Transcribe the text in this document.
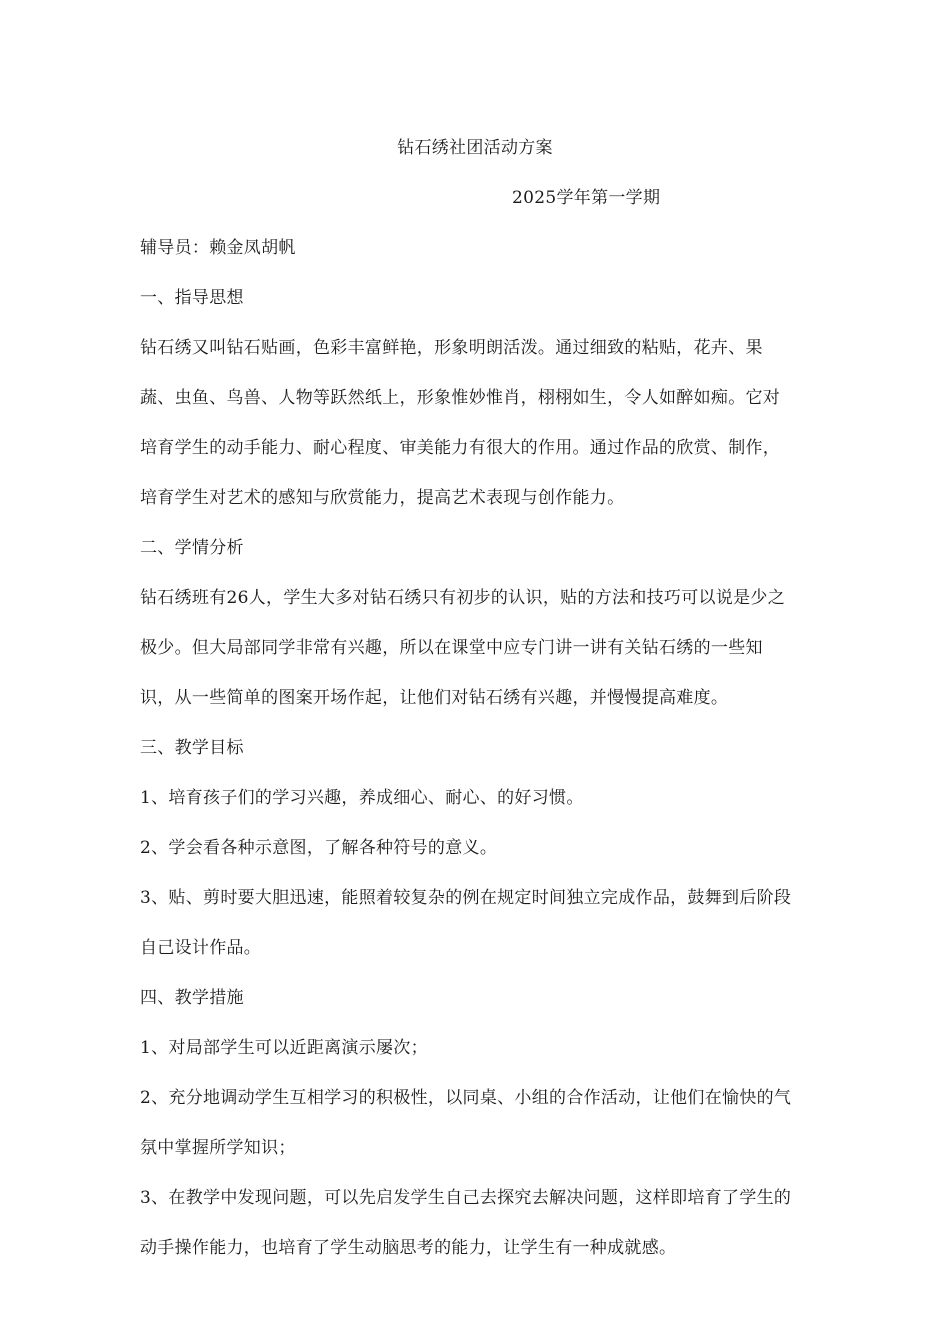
钻石绣社团活动方案
2025学年第一学期
辅导员：赖金凤胡帆
一、指导思想
钻石绣又叫钻石贴画，色彩丰富鲜艳，形象明朗活泼。通过细致的粘贴，花卉、果
蔬、虫鱼、鸟兽、人物等跃然纸上，形象惟妙惟肖，栩栩如生，令人如醉如痴。它对
培育学生的动手能力、耐心程度、审美能力有很大的作用。通过作品的欣赏、制作，
培育学生对艺术的感知与欣赏能力，提高艺术表现与创作能力。
二、学情分析
钻石绣班有26人，学生大多对钻石绣只有初步的认识，贴的方法和技巧可以说是少之
极少。但大局部同学非常有兴趣，所以在课堂中应专门讲一讲有关钻石绣的一些知
识，从一些简单的图案开场作起，让他们对钻石绣有兴趣，并慢慢提高难度。
三、教学目标
1、培育孩子们的学习兴趣，养成细心、耐心、的好习惯。
2、学会看各种示意图，了解各种符号的意义。
3、贴、剪时要大胆迅速，能照着较复杂的例在规定时间独立完成作品，鼓舞到后阶段
自己设计作品。
四、教学措施
1、对局部学生可以近距离演示屡次；
2、充分地调动学生互相学习的积极性，以同桌、小组的合作活动，让他们在愉快的气
氛中掌握所学知识；
3、在教学中发现问题，可以先启发学生自己去探究去解决问题，这样即培育了学生的
动手操作能力，也培育了学生动脑思考的能力，让学生有一种成就感。
